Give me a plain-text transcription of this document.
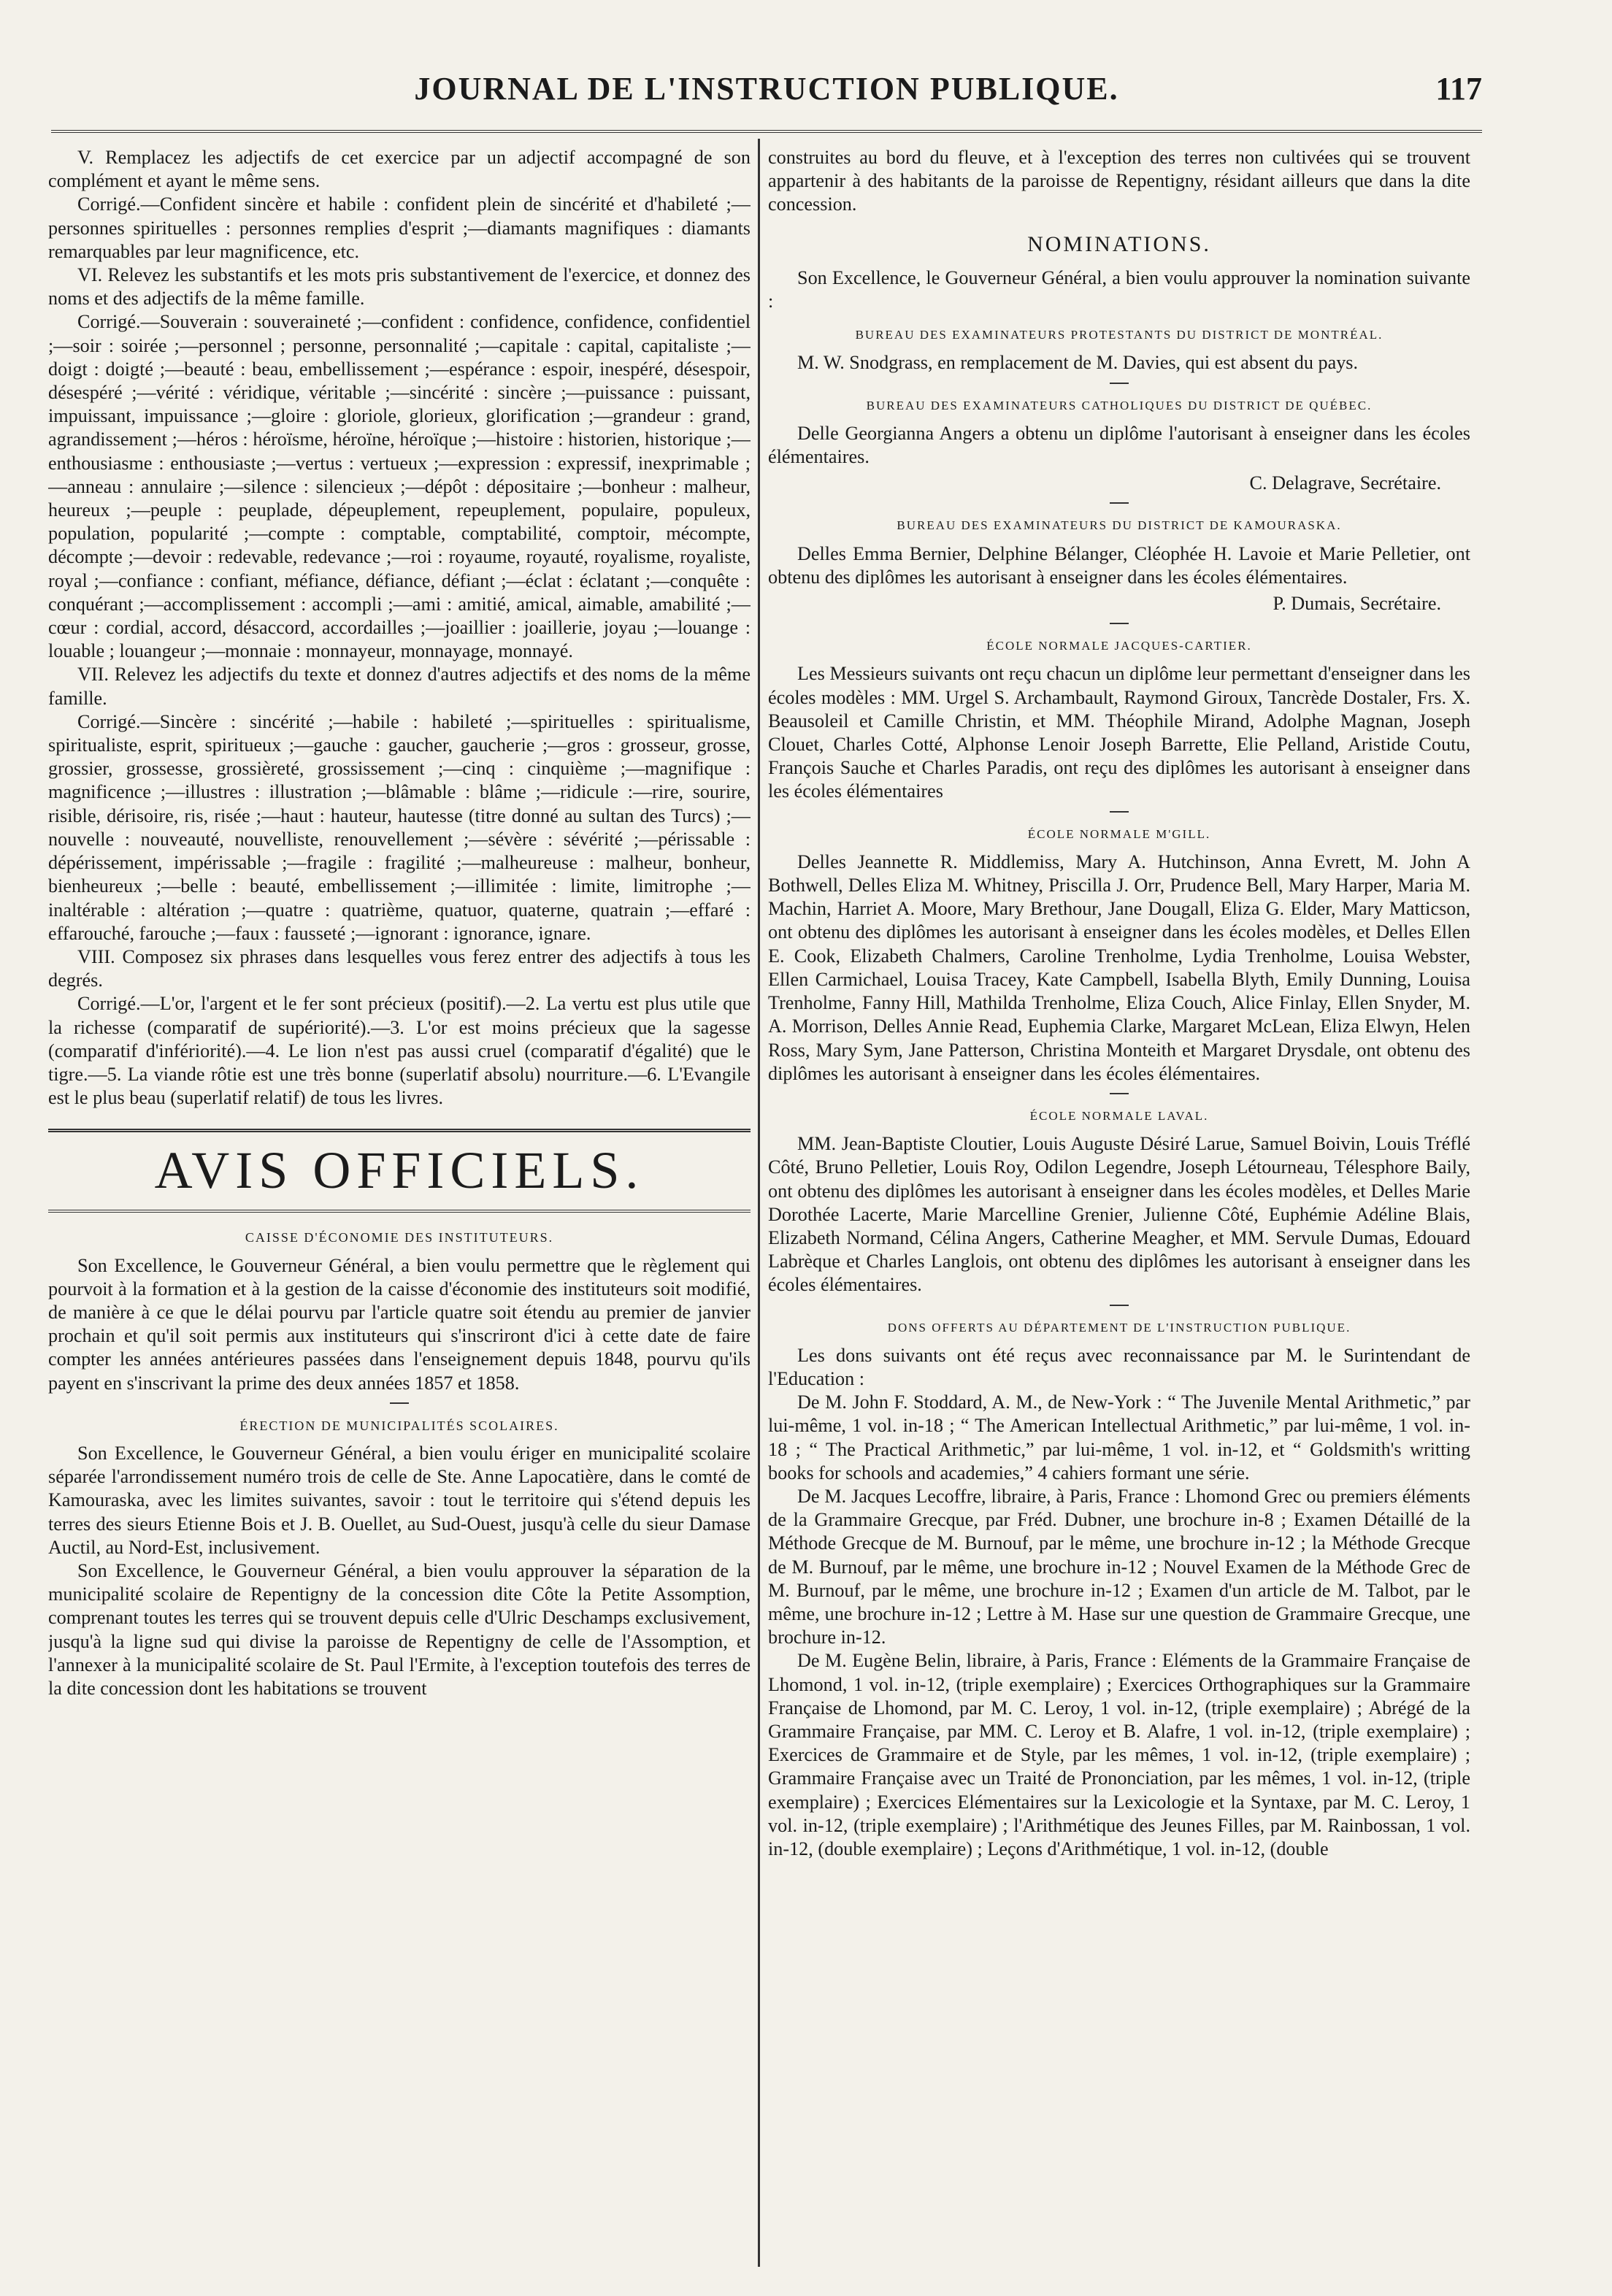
JOURNAL DE L'INSTRUCTION PUBLIQUE.	117

V. Remplacez les adjectifs de cet exercice par un adjectif accompagné de son complément et ayant le même sens.

Corrigé.—Confident sincère et habile : confident plein de sincérité et d'habileté ;—personnes spirituelles : personnes remplies d'esprit ;—diamants magnifiques : diamants remarquables par leur magnificence, etc.

VI. Relevez les substantifs et les mots pris substantivement de l'exercice, et donnez des noms et des adjectifs de la même famille.

Corrigé.—Souverain : souveraineté ;—confident : confidence, confidence, confidentiel ;—soir : soirée ;—personnel ; personne, personnalité ;—capitale : capital, capitaliste ;—doigt : doigté ;—beauté : beau, embellissement ;—espérance : espoir, inespéré, désespoir, désespéré ;—vérité : véridique, véritable ;—sincérité : sincère ;—puissance : puissant, impuissant, impuissance ;—gloire : gloriole, glorieux, glorification ;—grandeur : grand, agrandissement ;—héros : héroïsme, héroïne, héroïque ;—histoire : historien, historique ;—enthousiasme : enthousiaste ;—vertus : vertueux ;—expression : expressif, inexprimable ;—anneau : annulaire ;—silence : silencieux ;—dépôt : dépositaire ;—bonheur : malheur, heureux ;—peuple : peuplade, dépeuplement, repeuplement, populaire, populeux, population, popularité ;—compte : comptable, comptabilité, comptoir, mécompte, décompte ;—devoir : redevable, redevance ;—roi : royaume, royauté, royalisme, royaliste, royal ;—confiance : confiant, méfiance, défiance, défiant ;—éclat : éclatant ;—conquête : conquérant ;—accomplissement : accompli ;—ami : amitié, amical, aimable, amabilité ;—cœur : cordial, accord, désaccord, accordailles ;—joaillier : joaillerie, joyau ;—louange : louable ; louangeur ;—monnaie : monnayeur, monnayage, monnayé.

VII. Relevez les adjectifs du texte et donnez d'autres adjectifs et des noms de la même famille.

Corrigé.—Sincère : sincérité ;—habile : habileté ;—spirituelles : spiritualisme, spiritualiste, esprit, spiritueux ;—gauche : gaucher, gaucherie ;—gros : grosseur, grosse, grossier, grossesse, grossièreté, grossissement ;—cinq : cinquième ;—magnifique : magnificence ;—illustres : illustration ;—blâmable : blâme ;—ridicule :—rire, sourire, risible, dérisoire, ris, risée ;—haut : hauteur, hautesse (titre donné au sultan des Turcs) ;—nouvelle : nouveauté, nouvelliste, renouvellement ;—sévère : sévérité ;—périssable : dépérissement, impérissable ;—fragile : fragilité ;—malheureuse : malheur, bonheur, bienheureux ;—belle : beauté, embellissement ;—illimitée : limite, limitrophe ;—inaltérable : altération ;—quatre : quatrième, quatuor, quaterne, quatrain ;—effaré : effarouché, farouche ;—faux : fausseté ;—ignorant : ignorance, ignare.

VIII. Composez six phrases dans lesquelles vous ferez entrer des adjectifs à tous les degrés.

Corrigé.—L'or, l'argent et le fer sont précieux (positif).—2. La vertu est plus utile que la richesse (comparatif de supériorité).—3. L'or est moins précieux que la sagesse (comparatif d'infériorité).—4. Le lion n'est pas aussi cruel (comparatif d'égalité) que le tigre.—5. La viande rôtie est une très bonne (superlatif absolu) nourriture.—6. L'Evangile est le plus beau (superlatif relatif) de tous les livres.

AVIS OFFICIELS.
CAISSE D'ÉCONOMIE DES INSTITUTEURS.

Son Excellence, le Gouverneur Général, a bien voulu permettre que le règlement qui pourvoit à la formation et à la gestion de la caisse d'économie des instituteurs soit modifié, de manière à ce que le délai pourvu par l'article quatre soit étendu au premier de janvier prochain et qu'il soit permis aux instituteurs qui s'inscriront d'ici à cette date de faire compter les années antérieures passées dans l'enseignement depuis 1848, pourvu qu'ils payent en s'inscrivant la prime des deux années 1857 et 1858.

ÉRECTION DE MUNICIPALITÉS SCOLAIRES.

Son Excellence, le Gouverneur Général, a bien voulu ériger en municipalité scolaire séparée l'arrondissement numéro trois de celle de Ste. Anne Lapocatière, dans le comté de Kamouraska, avec les limites suivantes, savoir : tout le territoire qui s'étend depuis les terres des sieurs Etienne Bois et J. B. Ouellet, au Sud-Ouest, jusqu'à celle du sieur Damase Auctil, au Nord-Est, inclusivement.

Son Excellence, le Gouverneur Général, a bien voulu approuver la séparation de la municipalité scolaire de Repentigny de la concession dite Côte la Petite Assomption, comprenant toutes les terres qui se trouvent depuis celle d'Ulric Deschamps exclusivement, jusqu'à la ligne sud qui divise la paroisse de Repentigny de celle de l'Assomption, et l'annexer à la municipalité scolaire de St. Paul l'Ermite, à l'exception toutefois des terres de la dite concession dont les habitations se trouvent

construites au bord du fleuve, et à l'exception des terres non cultivées qui se trouvent appartenir à des habitants de la paroisse de Repentigny, résidant ailleurs que dans la dite concession.

NOMINATIONS.

Son Excellence, le Gouverneur Général, a bien voulu approuver la nomination suivante :

BUREAU DES EXAMINATEURS PROTESTANTS DU DISTRICT DE MONTRÉAL.

M. W. Snodgrass, en remplacement de M. Davies, qui est absent du pays.

BUREAU DES EXAMINATEURS CATHOLIQUES DU DISTRICT DE QUÉBEC.

Delle Georgianna Angers a obtenu un diplôme l'autorisant à enseigner dans les écoles élémentaires.

C. Delagrave, Secrétaire.

BUREAU DES EXAMINATEURS DU DISTRICT DE KAMOURASKA.

Delles Emma Bernier, Delphine Bélanger, Cléophée H. Lavoie et Marie Pelletier, ont obtenu des diplômes les autorisant à enseigner dans les écoles élémentaires.

P. Dumais, Secrétaire.

ÉCOLE NORMALE JACQUES-CARTIER.

Les Messieurs suivants ont reçu chacun un diplôme leur permettant d'enseigner dans les écoles modèles : MM. Urgel S. Archambault, Raymond Giroux, Tancrède Dostaler, Frs. X. Beausoleil et Camille Christin, et MM. Théophile Mirand, Adolphe Magnan, Joseph Clouet, Charles Cotté, Alphonse Lenoir Joseph Barrette, Elie Pelland, Aristide Coutu, François Sauche et Charles Paradis, ont reçu des diplômes les autorisant à enseigner dans les écoles élémentaires

ÉCOLE NORMALE M'GILL.

Delles Jeannette R. Middlemiss, Mary A. Hutchinson, Anna Evrett, M. John A Bothwell, Delles Eliza M. Whitney, Priscilla J. Orr, Prudence Bell, Mary Harper, Maria M. Machin, Harriet A. Moore, Mary Brethour, Jane Dougall, Eliza G. Elder, Mary Matticson, ont obtenu des diplômes les autorisant à enseigner dans les écoles modèles, et Delles Ellen E. Cook, Elizabeth Chalmers, Caroline Trenholme, Lydia Trenholme, Louisa Webster, Ellen Carmichael, Louisa Tracey, Kate Campbell, Isabella Blyth, Emily Dunning, Louisa Trenholme, Fanny Hill, Mathilda Trenholme, Eliza Couch, Alice Finlay, Ellen Snyder, M. A. Morrison, Delles Annie Read, Euphemia Clarke, Margaret McLean, Eliza Elwyn, Helen Ross, Mary Sym, Jane Patterson, Christina Monteith et Margaret Drysdale, ont obtenu des diplômes les autorisant à enseigner dans les écoles élémentaires.

ÉCOLE NORMALE LAVAL.

MM. Jean-Baptiste Cloutier, Louis Auguste Désiré Larue, Samuel Boivin, Louis Tréflé Côté, Bruno Pelletier, Louis Roy, Odilon Legendre, Joseph Létourneau, Télesphore Baily, ont obtenu des diplômes les autorisant à enseigner dans les écoles modèles, et Delles Marie Dorothée Lacerte, Marie Marcelline Grenier, Julienne Côté, Euphémie Adéline Blais, Elizabeth Normand, Célina Angers, Catherine Meagher, et MM. Servule Dumas, Edouard Labrèque et Charles Langlois, ont obtenu des diplômes les autorisant à enseigner dans les écoles élémentaires.

DONS OFFERTS AU DÉPARTEMENT DE L'INSTRUCTION PUBLIQUE.

Les dons suivants ont été reçus avec reconnaissance par M. le Surintendant de l'Education :

De M. John F. Stoddard, A. M., de New-York : “ The Juvenile Mental Arithmetic,” par lui-même, 1 vol. in-18 ; “ The American Intellectual Arithmetic,” par lui-même, 1 vol. in-18 ; “ The Practical Arithmetic,” par lui-même, 1 vol. in-12, et “ Goldsmith's writting books for schools and academies,” 4 cahiers formant une série.

De M. Jacques Lecoffre, libraire, à Paris, France : Lhomond Grec ou premiers éléments de la Grammaire Grecque, par Fréd. Dubner, une brochure in-8 ; Examen Détaillé de la Méthode Grecque de M. Burnouf, par le même, une brochure in-12 ; la Méthode Grecque de M. Burnouf, par le même, une brochure in-12 ; Nouvel Examen de la Méthode Grec de M. Burnouf, par le même, une brochure in-12 ; Examen d'un article de M. Talbot, par le même, une brochure in-12 ; Lettre à M. Hase sur une question de Grammaire Grecque, une brochure in-12.

De M. Eugène Belin, libraire, à Paris, France : Eléments de la Grammaire Française de Lhomond, 1 vol. in-12, (triple exemplaire) ; Exercices Orthographiques sur la Grammaire Française de Lhomond, par M. C. Leroy, 1 vol. in-12, (triple exemplaire) ; Abrégé de la Grammaire Française, par MM. C. Leroy et B. Alafre, 1 vol. in-12, (triple exemplaire) ; Exercices de Grammaire et de Style, par les mêmes, 1 vol. in-12, (triple exemplaire) ; Grammaire Française avec un Traité de Prononciation, par les mêmes, 1 vol. in-12, (triple exemplaire) ; Exercices Elémentaires sur la Lexicologie et la Syntaxe, par M. C. Leroy, 1 vol. in-12, (triple exemplaire) ; l'Arithmétique des Jeunes Filles, par M. Rainbossan, 1 vol. in-12, (double exemplaire) ; Leçons d'Arithmétique, 1 vol. in-12, (double
